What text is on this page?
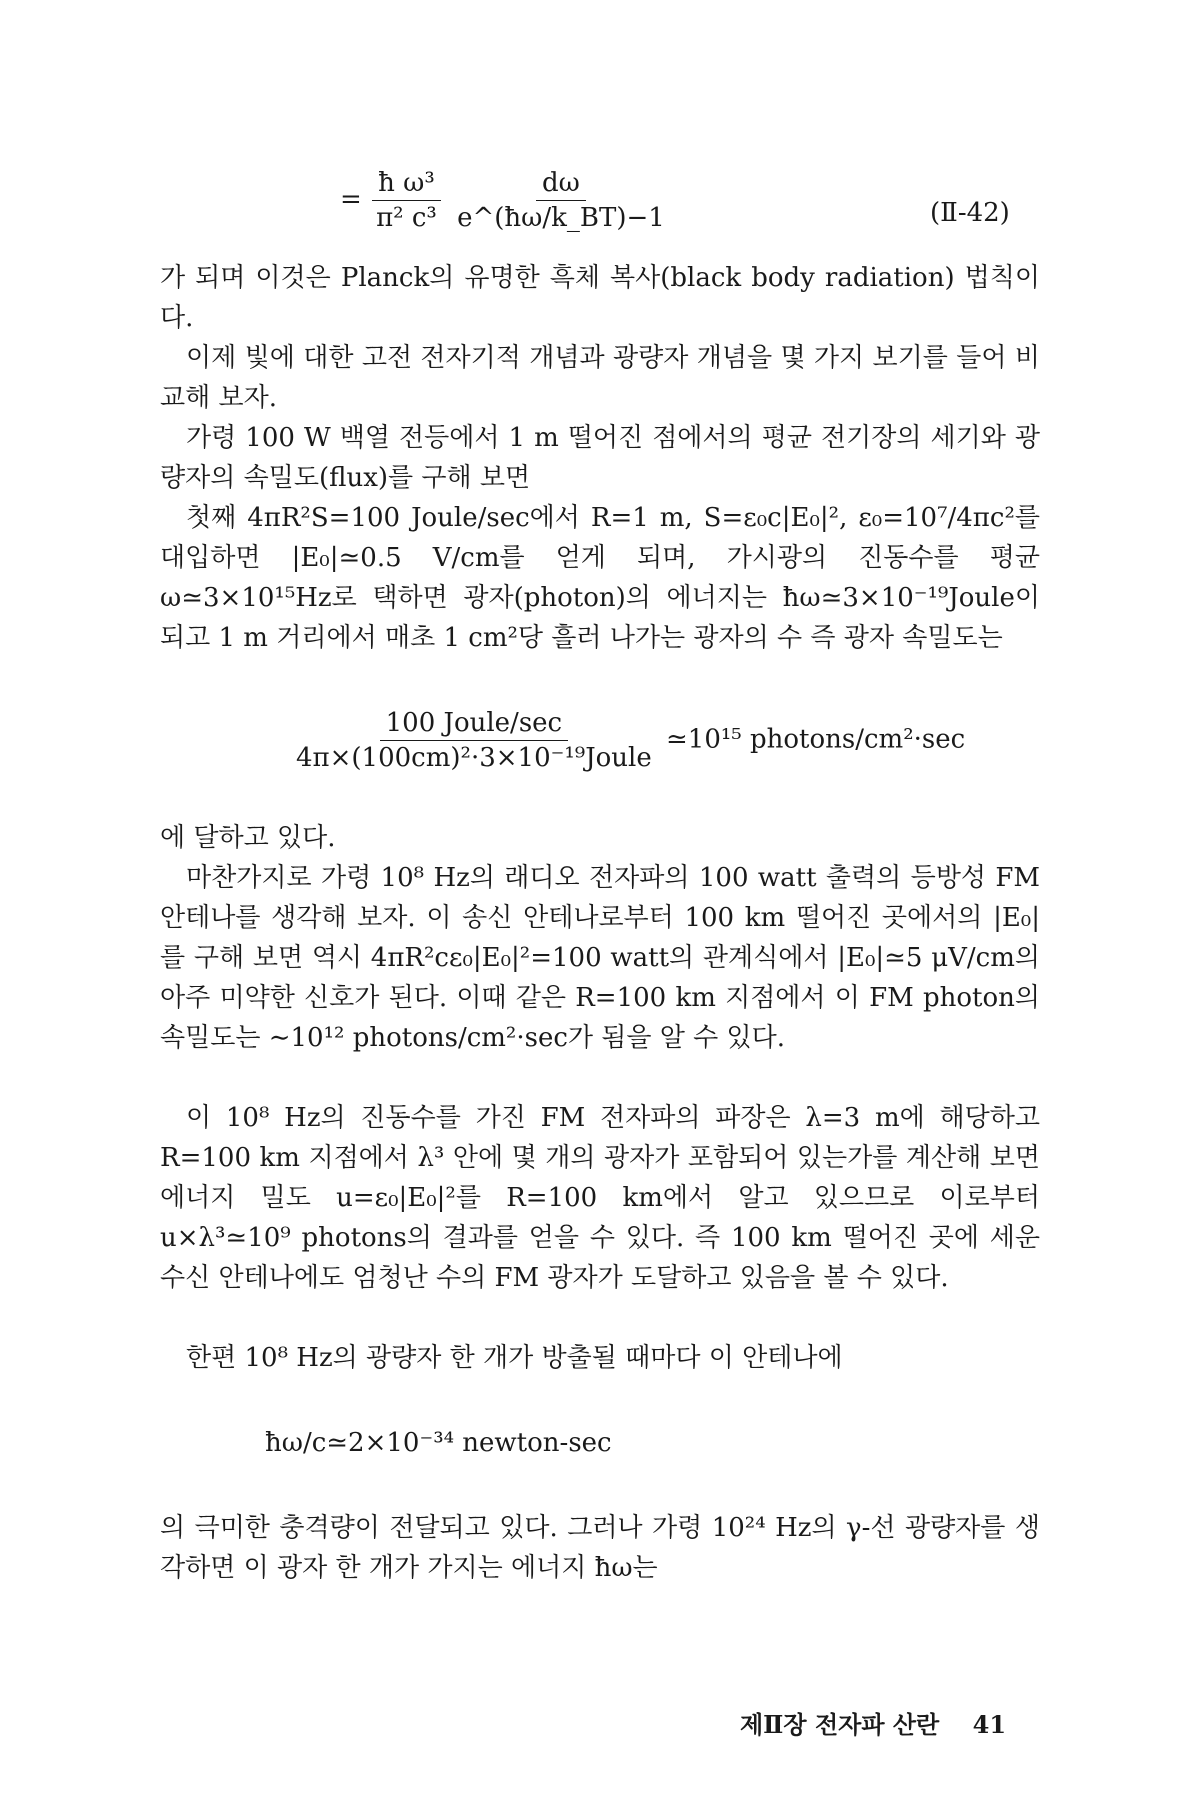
= $\frac{\text{ħ ω³}}{\text{π² c³}}$
$\frac{d\omega}{e\^{}(ħ\omega/k\_BT)-1}$	(Ⅱ-42)

가 되며 이것은 Planck의 유명한 흑체 복사(black body radiation) 법칙이다.

이제 빛에 대한 고전 전자기적 개념과 광량자 개념을 몇 가지 보기를 들어 비교해 보자.

가령 100 W 백열 전등에서 1 m 떨어진 점에서의 평균 전기장의 세기와 광량자의 속밀도(flux)를 구해 보면

첫째 4πR²S=100 Joule/sec에서 R=1 m, S=ε₀c|E₀|², ε₀=10⁷/4πc²를 대입하면 |E₀|≃0.5 V/cm를 얻게 되며, 가시광의 진동수를 평균 ω≃3×10¹⁵Hz로 택하면 광자(photon)의 에너지는 ħω≃3×10⁻¹⁹Joule이 되고 1 m 거리에서 매초 1 cm²당 흘러 나가는 광자의 수 즉 광자 속밀도는

$\frac{\text{100 Joule/sec}}{\text{4π×(100cm)²·3×10⁻¹⁹Joule}}$ ≃10¹⁵ photons/cm²·sec

에 달하고 있다.

마찬가지로 가령 10⁸ Hz의 래디오 전자파의 100 watt 출력의 등방성 FM 안테나를 생각해 보자. 이 송신 안테나로부터 100 km 떨어진 곳에서의 |E₀|를 구해 보면 역시 4πR²cε₀|E₀|²=100 watt의 관계식에서 |E₀|≃5 μV/cm의 아주 미약한 신호가 된다. 이때 같은 R=100 km 지점에서 이 FM photon의 속밀도는 ∼10¹² photons/cm²·sec가 됨을 알 수 있다.

이 10⁸ Hz의 진동수를 가진 FM 전자파의 파장은 λ=3 m에 해당하고 R=100 km 지점에서 λ³ 안에 몇 개의 광자가 포함되어 있는가를 계산해 보면 에너지 밀도 u=ε₀|E₀|²를 R=100 km에서 알고 있으므로 이로부터 u×λ³≃10⁹ photons의 결과를 얻을 수 있다. 즉 100 km 떨어진 곳에 세운 수신 안테나에도 엄청난 수의 FM 광자가 도달하고 있음을 볼 수 있다.

한편 10⁸ Hz의 광량자 한 개가 방출될 때마다 이 안테나에

ħω/c≃2×10⁻³⁴ newton-sec

의 극미한 충격량이 전달되고 있다. 그러나 가령 10²⁴ Hz의 γ-선 광량자를 생각하면 이 광자 한 개가 가지는 에너지 ħω는

제Ⅱ장 전자파 산란 41
